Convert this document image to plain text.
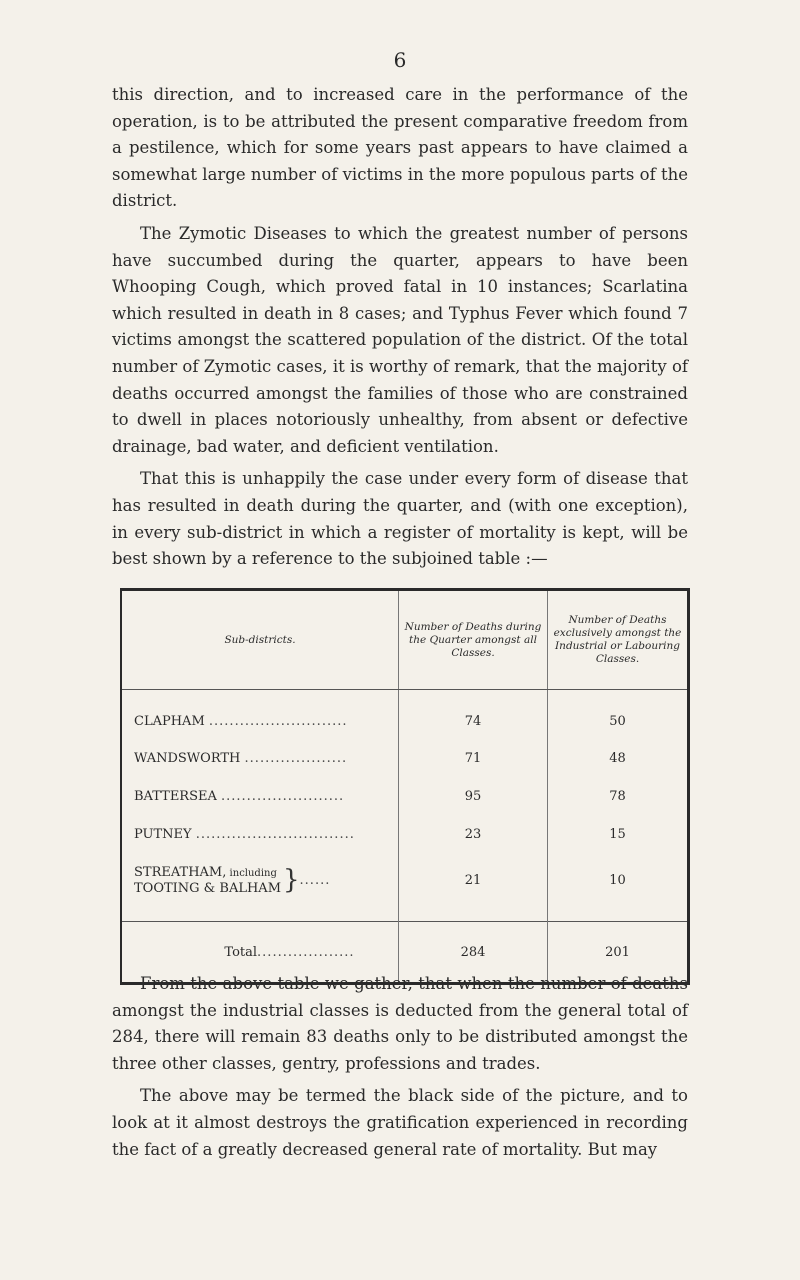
6

this direction, and to increased care in the performance of the operation, is to be attributed the present comparative freedom from a pestilence, which for some years past appears to have claimed a somewhat large number of victims in the more populous parts of the district.

The Zymotic Diseases to which the greatest number of persons have succumbed during the quarter, appears to have been Whooping Cough, which proved fatal in 10 instances; Scarlatina which resulted in death in 8 cases; and Typhus Fever which found 7 victims amongst the scattered population of the district. Of the total number of Zymotic cases, it is worthy of remark, that the majority of deaths occurred amongst the families of those who are constrained to dwell in places notoriously unhealthy, from absent or defective drainage, bad water, and deficient ventilation.

That this is unhappily the case under every form of disease that has resulted in death during the quarter, and (with one exception), in every sub-district in which a register of mortality is kept, will be best shown by a reference to the subjoined table :—

Sub-districts.	Number of Deaths during the Quarter amongst all Classes.	Number of Deaths exclusively amongst the Industrial or Labouring Classes.
CLAPHAM ...........................	74	50
WANDSWORTH ....................	71	48
BATTERSEA ........................	95	78
PUTNEY ...............................	23	15
STREATHAM, including
TOOTING & BALHAM}......	21	10

Total...................	284	201

From the above table we gather, that when the number of deaths amongst the industrial classes is deducted from the general total of 284, there will remain 83 deaths only to be distributed amongst the three other classes, gentry, professions and trades.

The above may be termed the black side of the picture, and to look at it almost destroys the gratification experienced in recording the fact of a greatly decreased general rate of mortality. But may
